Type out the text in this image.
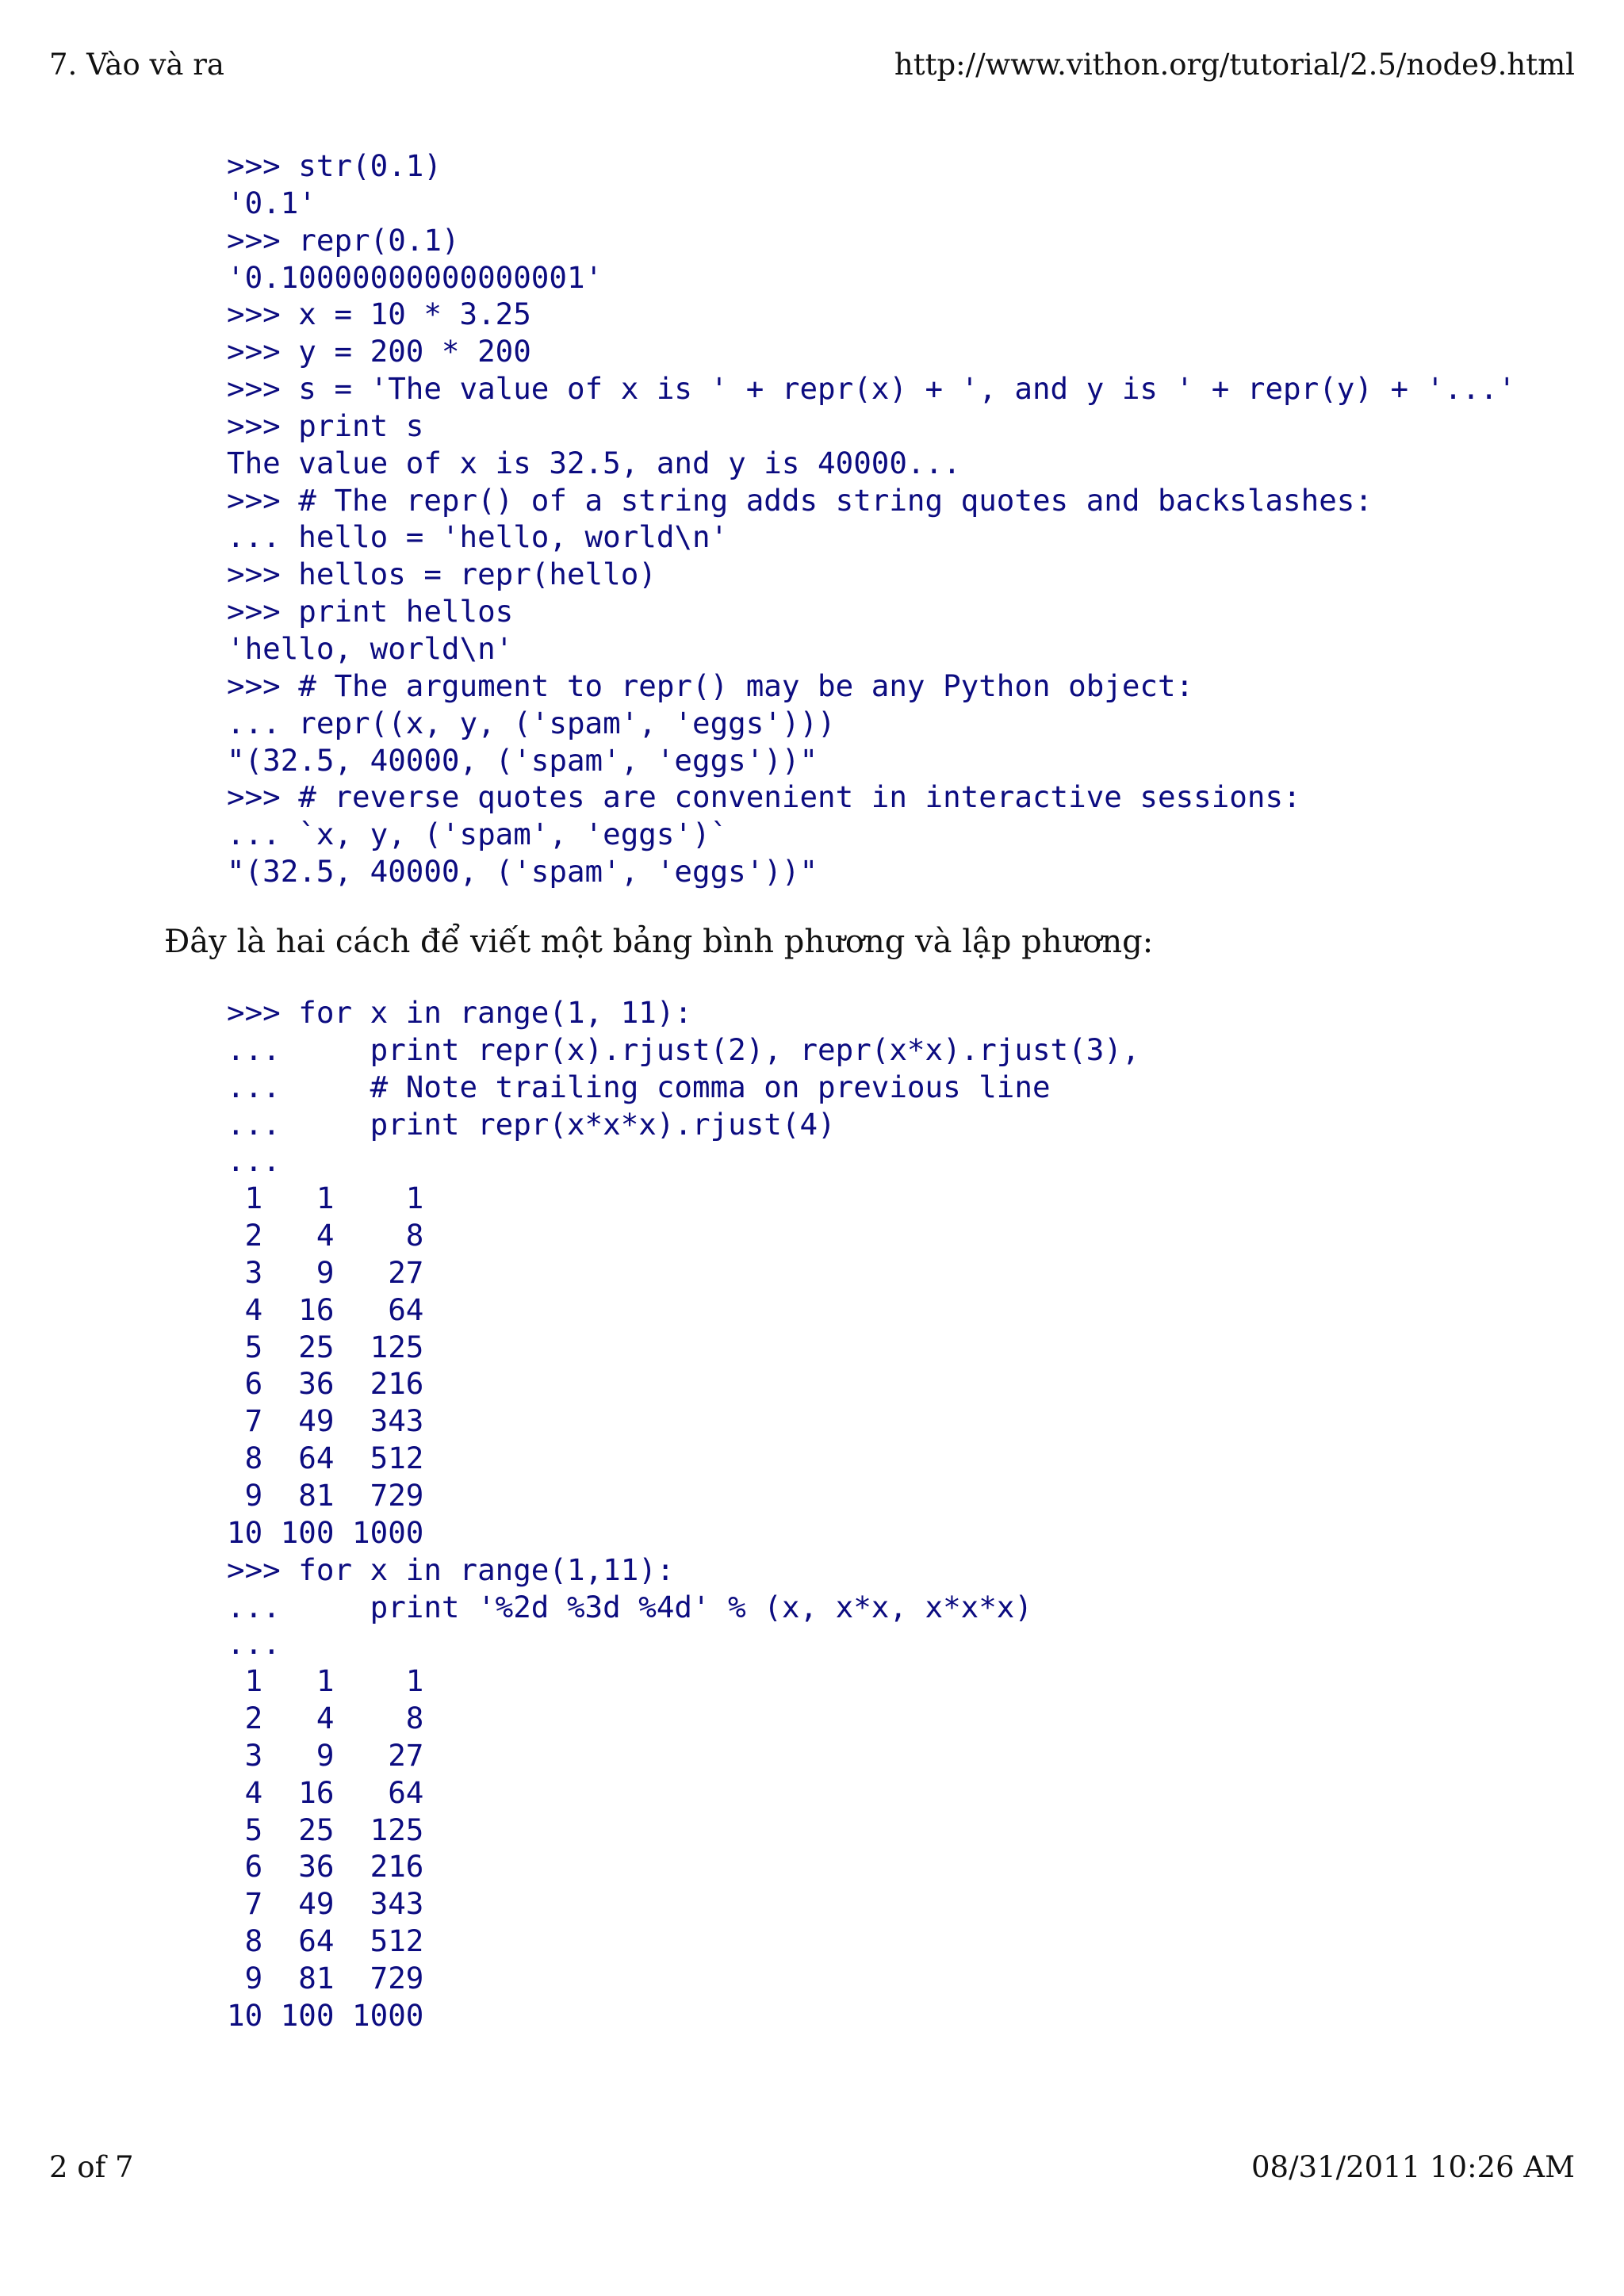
7. Vào và ra	http://www.vithon.org/tutorial/2.5/node9.html
>>> str(0.1)
'0.1'
>>> repr(0.1)
'0.10000000000000001'
>>> x = 10 * 3.25
>>> y = 200 * 200
>>> s = 'The value of x is ' + repr(x) + ', and y is ' + repr(y) + '...'
>>> print s
The value of x is 32.5, and y is 40000...
>>> # The repr() of a string adds string quotes and backslashes:
... hello = 'hello, world\n'
>>> hellos = repr(hello)
>>> print hellos
'hello, world\n'
>>> # The argument to repr() may be any Python object:
... repr((x, y, ('spam', 'eggs')))
"(32.5, 40000, ('spam', 'eggs'))"
>>> # reverse quotes are convenient in interactive sessions:
... `x, y, ('spam', 'eggs')`
"(32.5, 40000, ('spam', 'eggs'))"

Đây là hai cách để viết một bảng bình phương và lập phương:

>>> for x in range(1, 11):
...     print repr(x).rjust(2), repr(x*x).rjust(3),
...     # Note trailing comma on previous line
...     print repr(x*x*x).rjust(4)
...
1   1    1
2   4    8
3   9   27
4  16   64
5  25  125
6  36  216
7  49  343
8  64  512
9  81  729
10 100 1000
>>> for x in range(1,11):
...     print '%2d %3d %4d' % (x, x*x, x*x*x)
...
1   1    1
2   4    8
3   9   27
4  16   64
5  25  125
6  36  216
7  49  343
8  64  512
9  81  729
10 100 1000
2 of 7	08/31/2011 10:26 AM
